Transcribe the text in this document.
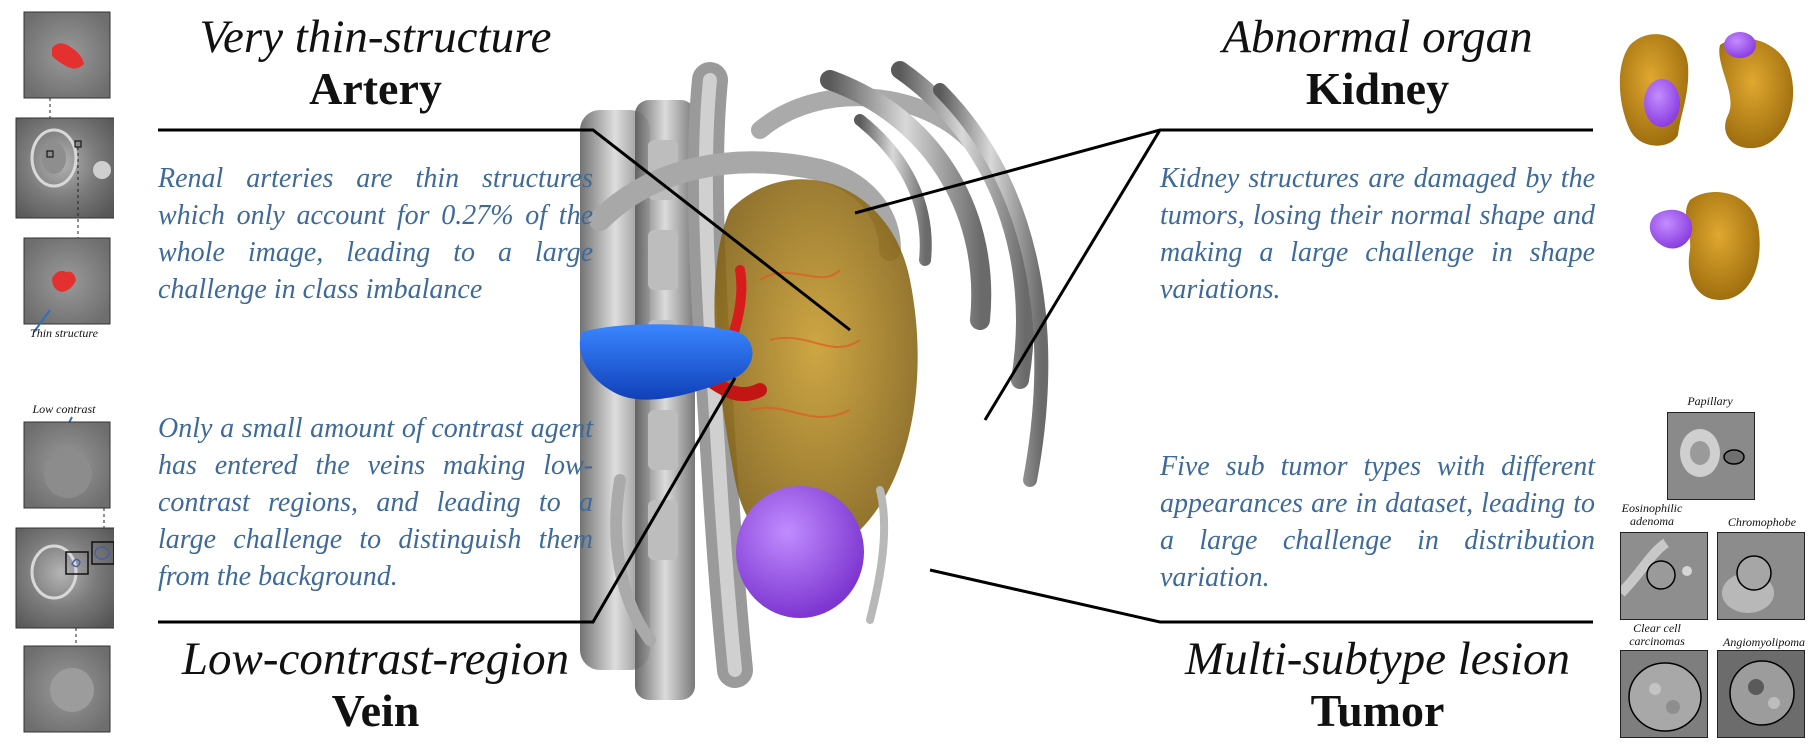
Thin structure
Low contrast
Very thin-structure
Artery
Renal arteries are thin structures which only account for 0.27% of the whole image, leading to a large challenge in class imbalance
Abnormal organ
Kidney
Kidney structures are damaged by the tumors, losing their normal shape and making a large challenge in shape variations.
Only a small amount of contrast agent has entered the veins making low-contrast regions, and leading to a large challenge to distinguish them from the background.
Low-contrast-region
Vein
Five sub tumor types with different appearances are in dataset, leading to a large challenge in distribution variation.
Multi-subtype lesion
Tumor
Papillary
Eosinophilic adenoma	Chromophobe
Clear cell carcinomas	Angiomyolipoma
